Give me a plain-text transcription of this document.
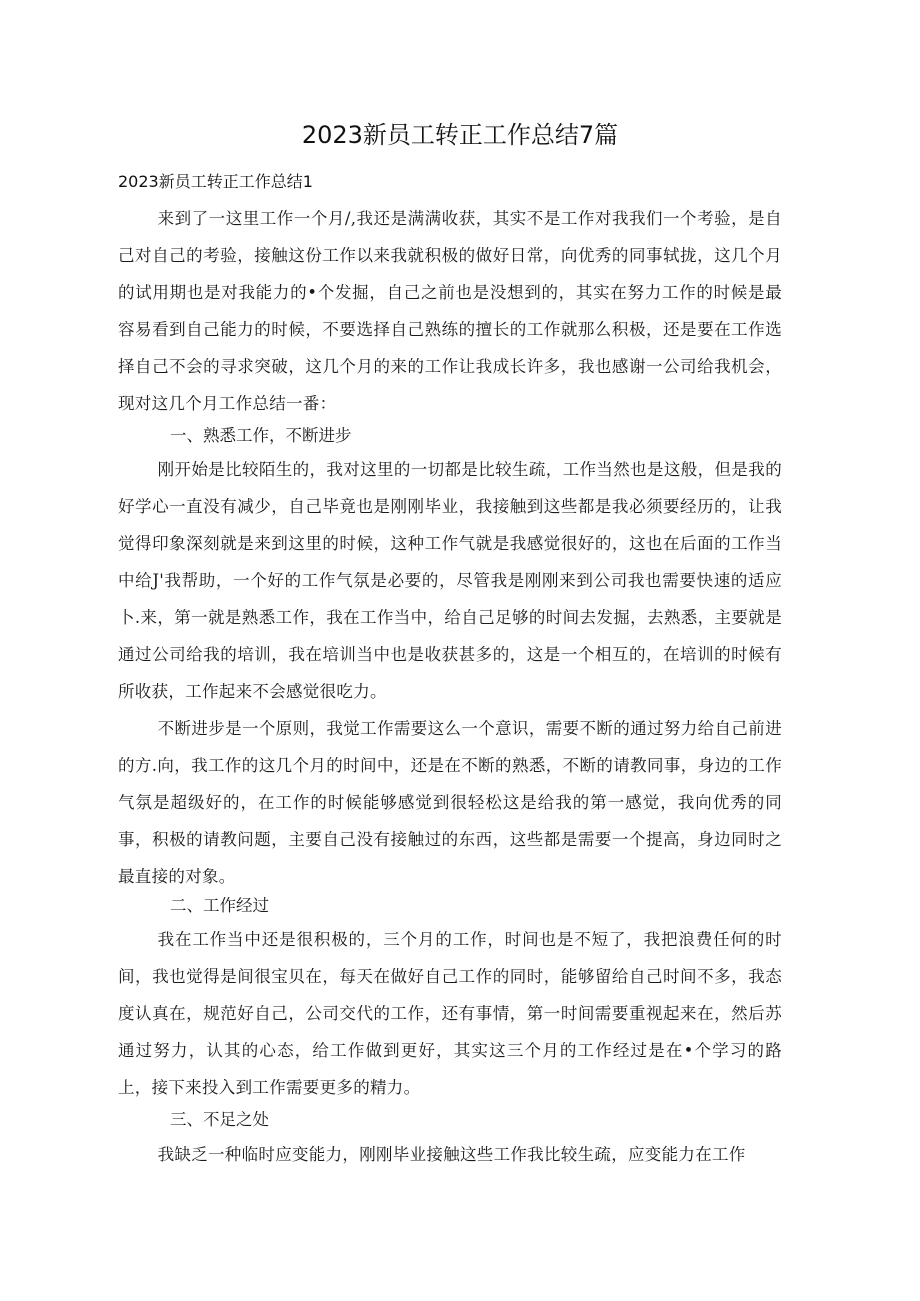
2023新员工转正工作总结7篇

2023新员工转正工作总结1

来到了一这里工作一个月/,我还是满满收获，其实不是工作对我我们一个考验，是自己对自己的考验，接触这份工作以来我就积极的做好日常，向优秀的同事轼拢，这几个月的试用期也是对我能力的•个发掘，自己之前也是没想到的，其实在努力工作的时候是最容易看到自己能力的时候，不要选择自己熟练的擅长的工作就那么积极，还是要在工作选择自己不会的寻求突破，这几个月的来的工作让我成长许多，我也感谢一公司给我机会，现对这几个月工作总结一番：

一、熟悉工作，不断进步

刚开始是比较陌生的，我对这里的一切都是比较生疏，工作当然也是这般，但是我的好学心一直没有减少，自己毕竟也是刚刚毕业，我接触到这些都是我必须要经历的，让我觉得印象深刻就是来到这里的时候，这种工作气就是我感觉很好的，这也在后面的工作当中给J'我帮助，一个好的工作气氛是必要的，尽管我是刚刚来到公司我也需要快速的适应卜.来，第一就是熟悉工作，我在工作当中，给自己足够的时间去发掘，去熟悉，主要就是通过公司给我的培训，我在培训当中也是收获甚多的，这是一个相互的，在培训的时候有所收获，工作起来不会感觉很吃力。

不断进步是一个原则，我觉工作需要这么一个意识，需要不断的通过努力给自己前进的方.向，我工作的这几个月的时间中，还是在不断的熟悉，不断的请教同事，身边的工作气氛是超级好的，在工作的时候能够感觉到很轻松这是给我的第一感觉，我向优秀的同事，积极的请教问题，主要自己没有接触过的东西，这些都是需要一个提高，身边同时之最直接的对象。

二、工作经过

我在工作当中还是很积极的，三个月的工作，时间也是不短了，我把浪费任何的时间，我也觉得是间很宝贝在，每天在做好自己工作的同时，能够留给自己时间不多，我态度认真在，规范好自己，公司交代的工作，还有事情，第一时间需要重视起来在，然后苏通过努力，认其的心态，给工作做到更好，其实这三个月的工作经过是在•个学习的路上，接下来投入到工作需要更多的精力。

三、不足之处

我缺乏一种临时应变能力，刚刚毕业接触这些工作我比较生疏，应变能力在工作
